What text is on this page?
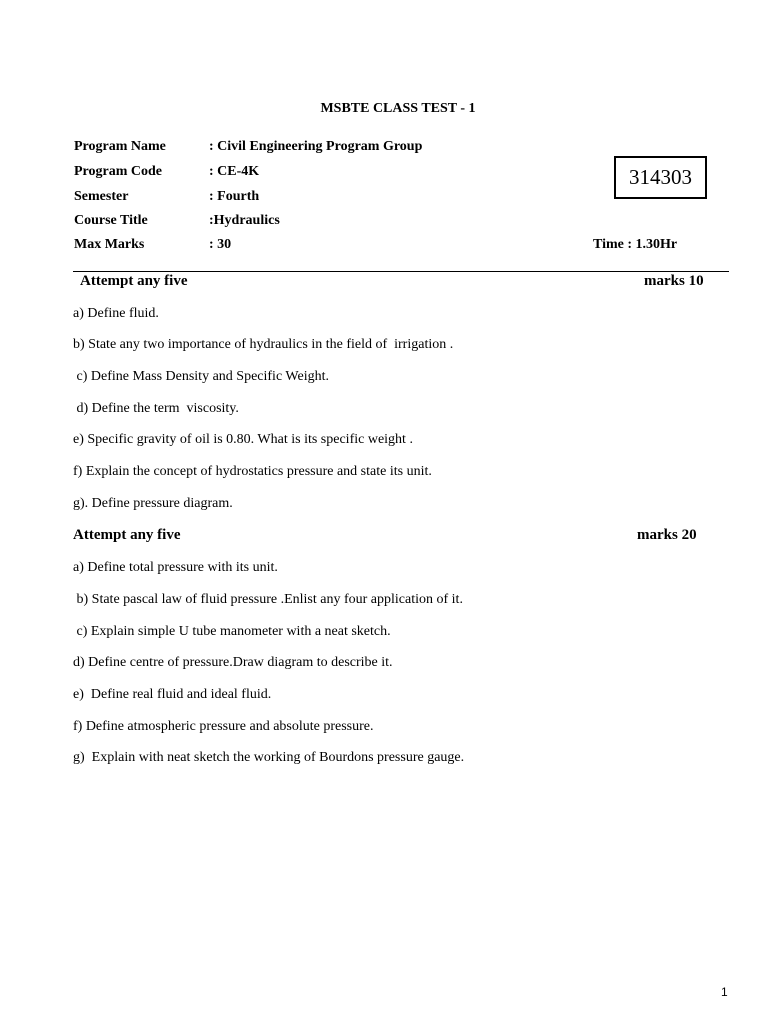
MSBTE CLASS TEST - 1
Program Name	: Civil Engineering Program Group
Program Code	: CE-4K
Semester	: Fourth
Course Title	:Hydraulics
Max Marks	: 30
314303
Time : 1.30Hr
Attempt any five	marks 10
a) Define fluid.
b) State any two importance of hydraulics in the field of  irrigation .
c) Define Mass Density and Specific Weight.
d) Define the term  viscosity.
e) Specific gravity of oil is 0.80. What is its specific weight .
f) Explain the concept of hydrostatics pressure and state its unit.
g). Define pressure diagram.
Attempt any five	marks 20
a) Define total pressure with its unit.
b) State pascal law of fluid pressure .Enlist any four application of it.
c) Explain simple U tube manometer with a neat sketch.
d) Define centre of pressure.Draw diagram to describe it.
e)  Define real fluid and ideal fluid.
f) Define atmospheric pressure and absolute pressure.
g)  Explain with neat sketch the working of Bourdons pressure gauge.
1
